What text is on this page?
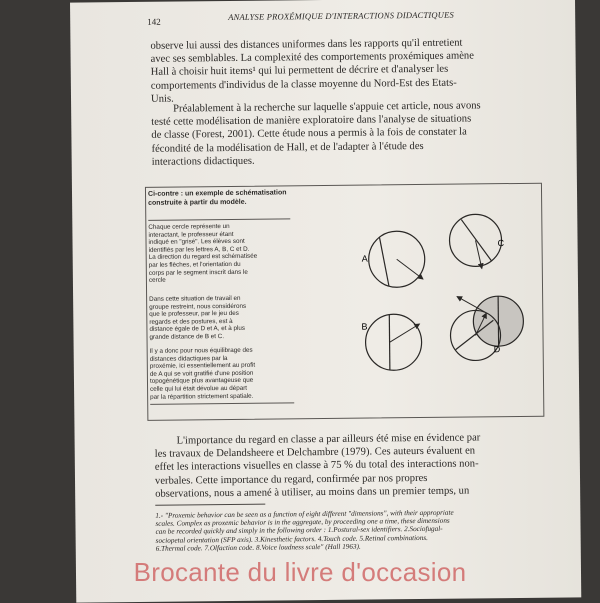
142	ANALYSE PROXÉMIQUE D'INTERACTIONS DIDACTIQUES
observe lui aussi des distances uniformes dans les rapports qu'il entretient
avec ses semblables. La complexité des comportements proxémiques amène
Hall à choisir huit items¹ qui lui permettent de décrire et d'analyser les
comportements d'individus de la classe moyenne du Nord-Est des Etats-
Unis.
Préalablement à la recherche sur laquelle s'appuie cet article, nous avons
testé cette modélisation de manière exploratoire dans l'analyse de situations
de classe (Forest, 2001). Cette étude nous a permis à la fois de constater la
fécondité de la modélisation de Hall, et de l'adapter à l'étude des
interactions didactiques.
Ci-contre : un exemple de schématisation construite à partir du modèle.
Chaque cercle représente un
interactant, le professeur étant
indiqué en "grisé". Les élèves sont
identifiés par les lettres A, B, C et D.
La direction du regard est schématisée
par les flèches, et l'orientation du
corps par le segment inscrit dans le
cercle
Dans cette situation de travail en
groupe restreint, nous considérons
que le professeur, par le jeu des
regards et des postures, est à
distance égale de D et A, et à plus
grande distance de B et C.
Il y a donc pour nous équilibrage des
distances didactiques par la
proxémie, ici essentiellement au profit
de A qui se voit gratifié d'une position
topogénétique plus avantageuse que
celle qui lui était dévolue au départ
par la répartition strictement spatiale.
A
C
D
B
L'importance du regard en classe a par ailleurs été mise en évidence par
les travaux de Delandsheere et Delchambre (1979). Ces auteurs évaluent en
effet les interactions visuelles en classe à 75 % du total des interactions non-
verbales. Cette importance du regard, confirmée par nos propres
observations, nous a amené à utiliser, au moins dans un premier temps, un
1.- "Proxemic behavior can be seen as a function of eight different "dimensions", with their appropriate
scales. Complex as proxemic behavior is in the aggregate, by proceeding one a time, these dimensions
can be recorded quickly and simply in the following order : 1.Postural-sex identifiers. 2.Sociofugal-
sociopetal orientation (SFP axis). 3.Kinesthetic factors. 4.Touch code. 5.Retinal combinations.
6.Thermal code. 7.Olfaction code. 8.Voice loudness scale" (Hall 1963).
Brocante du livre d'occasion
